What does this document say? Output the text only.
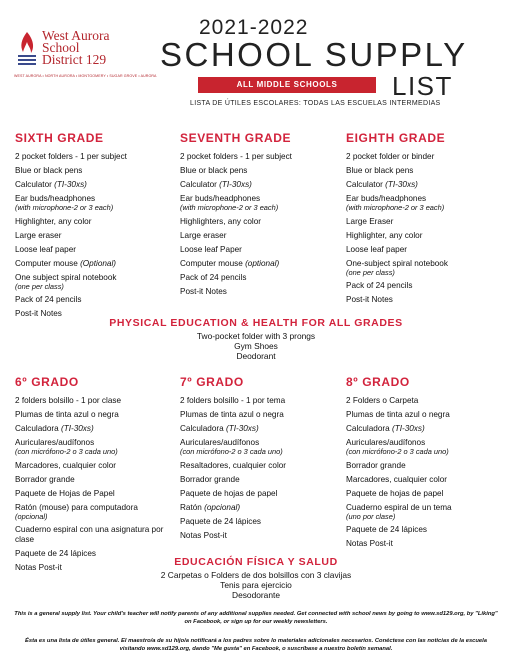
West Aurora
School
District 129
WEST AURORA • NORTH AURORA • MONTGOMERY • SUGAR GROVE • AURORA
2021-2022
SCHOOL SUPPLY
ALL MIDDLE SCHOOLS	LIST
LISTA DE ÚTILES ESCOLARES: TODAS LAS ESCUELAS INTERMEDIAS
SIXTH GRADE
2 pocket folders - 1 per subject
Blue or black pens
Calculator (TI-30xs)
Ear buds/headphones
(with microphone-2 or 3 each)
Highlighter, any color
Large eraser
Loose leaf paper
Computer mouse (Optional)
One subject spiral notebook
(one per class)
Pack of 24 pencils
Post-it Notes
SEVENTH GRADE
2 pocket folders - 1 per subject
Blue or black pens
Calculator (TI-30xs)
Ear buds/headphones
(with microphone-2 or 3 each)
Highlighters, any color
Large eraser
Loose leaf Paper
Computer mouse (optional)
Pack of 24 pencils
Post-it Notes
EIGHTH GRADE
2 pocket folder or binder
Blue or black pens
Calculator (TI-30xs)
Ear buds/headphones
(with microphone-2 or 3 each)
Large Eraser
Highlighter, any color
Loose leaf paper
One-subject spiral notebook
(one per class)
Pack of 24 pencils
Post-it Notes
PHYSICAL EDUCATION & HEALTH FOR ALL GRADES
Two-pocket folder with 3 prongs
Gym Shoes
Deodorant
6º GRADO
2 folders bolsillo - 1 por clase
Plumas de tinta azul o negra
Calculadora (TI-30xs)
Auriculares/audífonos
(con micrófono-2 o 3 cada uno)
Marcadores, cualquier color
Borrador grande
Paquete de Hojas de Papel
Ratón (mouse) para computadora
(opcional)
Cuaderno espiral con una asignatura por clase
Paquete de 24 lápices
Notas Post-it
7º GRADO
2 folders bolsillo - 1 por tema
Plumas de tinta azul o negra
Calculadora (TI-30xs)
Auriculares/audífonos
(con micrófono-2 o 3 cada uno)
Resaltadores, cualquier color
Borrador grande
Paquete de hojas de papel
Ratón (opcional)
Paquete de 24 lápices
Notas Post-it
8º GRADO
2 Folders o Carpeta
Plumas de tinta azul o negra
Calculadora (TI-30xs)
Auriculares/audífonos
(con micrófono-2 o 3 cada uno)
Borrador grande
Marcadores, cualquier color
Paquete de hojas de papel
Cuaderno espiral de un tema
(uno por clase)
Paquete de 24 lápices
Notas Post-it
EDUCACIÓN FÍSICA Y SALUD
2 Carpetas o Folders de dos bolsillos con 3 clavijas
Tenis para ejercicio
Desodorante
This is a general supply list. Your child's teacher will notify parents of any additional supplies needed. Get connected with school news by going to www.sd129.org, by "Liking" on Facebook, or sign up for our weekly newsletters.
Ésta es una lista de útiles general. El maestro/a de su hijo/a notificará a los padres sobre lo materiales adicionales necesarios. Conéctese con las noticias de la escuela visitando www.sd129.org, dando "Me gusta" en Facebook, o suscríbase a nuestro boletín semanal.
